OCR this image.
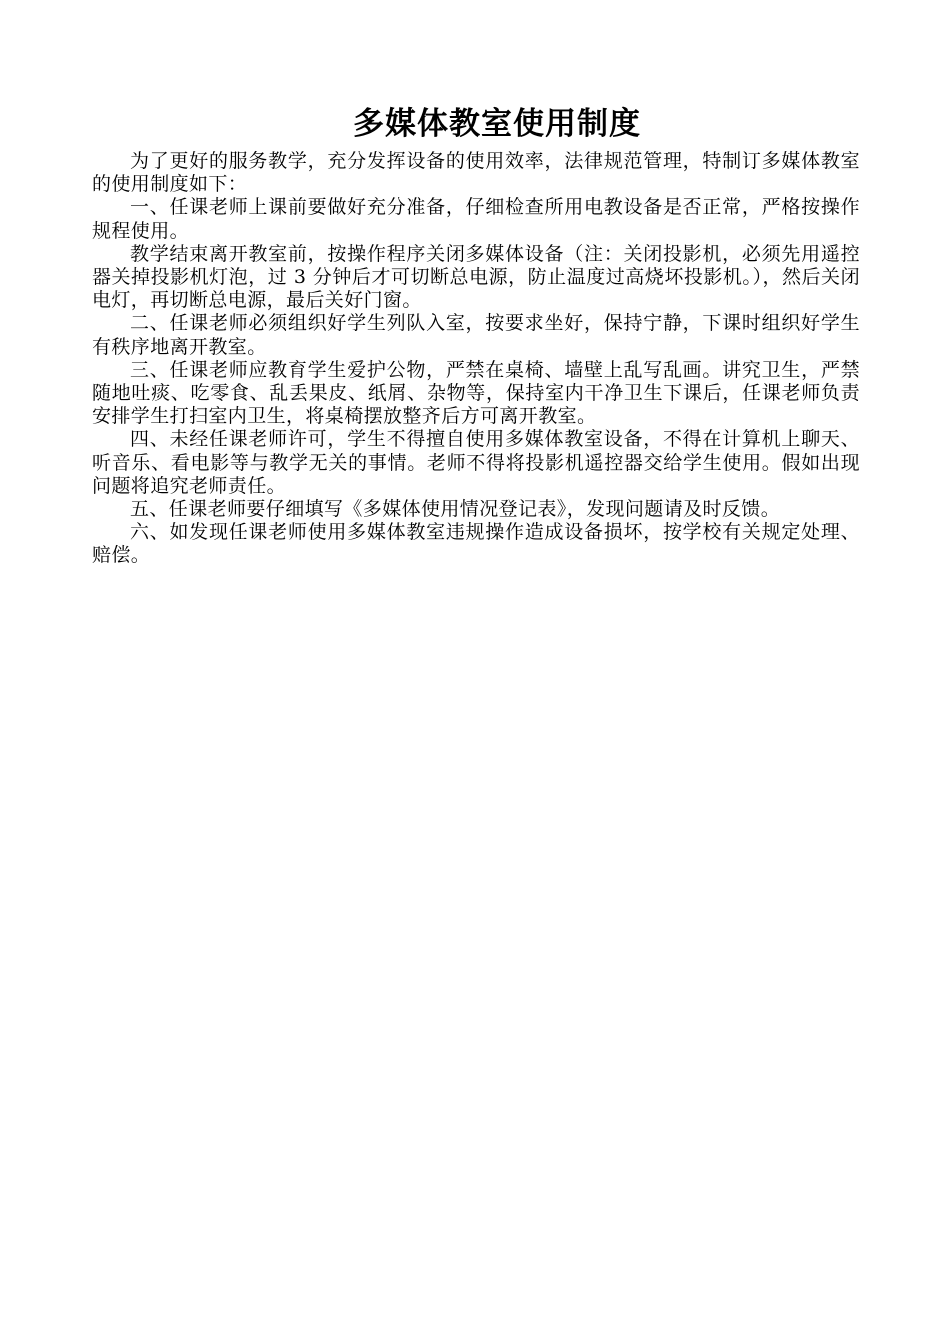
多媒体教室使用制度

为了更好的服务教学，充分发挥设备的使用效率，法律规范管理，特制订多媒体教室的使用制度如下：

一、任课老师上课前要做好充分准备，仔细检查所用电教设备是否正常，严格按操作规程使用。

教学结束离开教室前，按操作程序关闭多媒体设备（注：关闭投影机，必须先用遥控器关掉投影机灯泡，过 3 分钟后才可切断总电源，防止温度过高烧坏投影机。），然后关闭电灯，再切断总电源，最后关好门窗。

二、任课老师必须组织好学生列队入室，按要求坐好，保持宁静，下课时组织好学生有秩序地离开教室。

三、任课老师应教育学生爱护公物，严禁在桌椅、墙壁上乱写乱画。讲究卫生，严禁随地吐痰、吃零食、乱丢果皮、纸屑、杂物等，保持室内干净卫生下课后，任课老师负责安排学生打扫室内卫生，将桌椅摆放整齐后方可离开教室。

四、未经任课老师许可，学生不得擅自使用多媒体教室设备，不得在计算机上聊天、听音乐、看电影等与教学无关的事情。老师不得将投影机遥控器交给学生使用。假如出现问题将追究老师责任。

五、任课老师要仔细填写《多媒体使用情况登记表》，发现问题请及时反馈。

六、如发现任课老师使用多媒体教室违规操作造成设备损坏，按学校有关规定处理、赔偿。
